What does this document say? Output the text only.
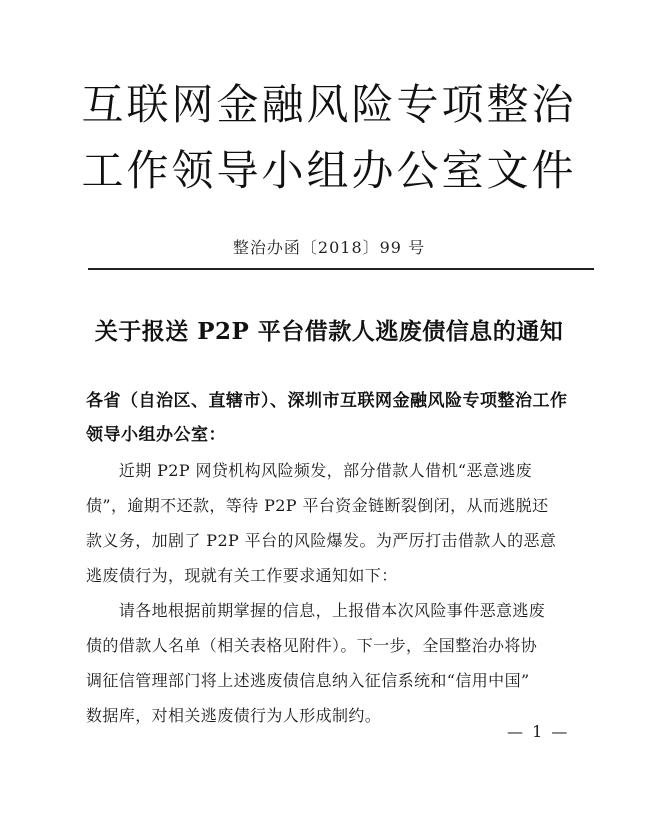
互联网金融风险专项整治
工作领导小组办公室文件
整治办函〔2018〕99 号
关于报送 P2P 平台借款人逃废债信息的通知
各省（自治区、直辖市）、深圳市互联网金融风险专项整治工作
领导小组办公室：
　　近期 P2P 网贷机构风险频发，部分借款人借机“恶意逃废
债”，逾期不还款，等待 P2P 平台资金链断裂倒闭，从而逃脱还
款义务，加剧了 P2P 平台的风险爆发。为严厉打击借款人的恶意
逃废债行为，现就有关工作要求通知如下：
　　请各地根据前期掌握的信息，上报借本次风险事件恶意逃废
债的借款人名单（相关表格见附件）。下一步，全国整治办将协
调征信管理部门将上述逃废债信息纳入征信系统和“信用中国”
数据库，对相关逃废债行为人形成制约。
— 1 —
